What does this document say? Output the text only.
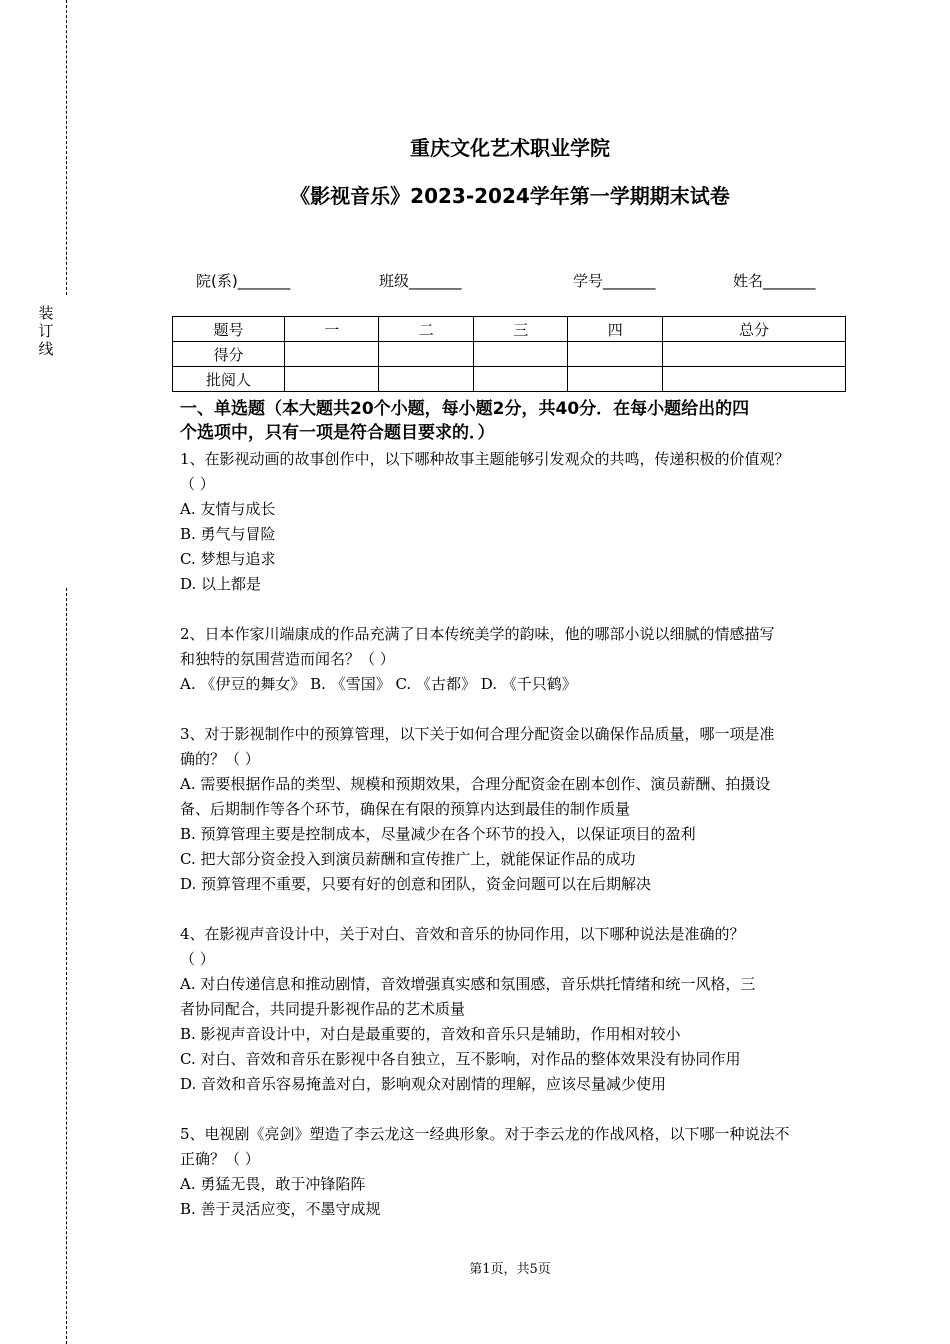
装订线
重庆文化艺术职业学院
《影视音乐》2023-2024学年第一学期期末试卷
院(系)_______	班级_______	学号_______	姓名_______
题号	一	二	三	四	总分
得分					
批阅人					
一、单选题（本大题共20个小题，每小题2分，共40分．在每小题给出的四
个选项中，只有一项是符合题目要求的．）

1、在影视动画的故事创作中，以下哪种故事主题能够引发观众的共鸣，传递积极的价值观？

（ ）

A. 友情与成长

B. 勇气与冒险

C. 梦想与追求

D. 以上都是

2、日本作家川端康成的作品充满了日本传统美学的韵味，他的哪部小说以细腻的情感描写

和独特的氛围营造而闻名？（ ）

A. 《伊豆的舞女》 B. 《雪国》 C. 《古都》 D. 《千只鹤》

3、对于影视制作中的预算管理，以下关于如何合理分配资金以确保作品质量，哪一项是准

确的？（ ）

A. 需要根据作品的类型、规模和预期效果，合理分配资金在剧本创作、演员薪酬、拍摄设

备、后期制作等各个环节，确保在有限的预算内达到最佳的制作质量

B. 预算管理主要是控制成本，尽量减少在各个环节的投入，以保证项目的盈利

C. 把大部分资金投入到演员薪酬和宣传推广上，就能保证作品的成功

D. 预算管理不重要，只要有好的创意和团队，资金问题可以在后期解决

4、在影视声音设计中，关于对白、音效和音乐的协同作用，以下哪种说法是准确的？

（ ）

A. 对白传递信息和推动剧情，音效增强真实感和氛围感，音乐烘托情绪和统一风格，三

者协同配合，共同提升影视作品的艺术质量

B. 影视声音设计中，对白是最重要的，音效和音乐只是辅助，作用相对较小

C. 对白、音效和音乐在影视中各自独立，互不影响，对作品的整体效果没有协同作用

D. 音效和音乐容易掩盖对白，影响观众对剧情的理解，应该尽量减少使用

5、电视剧《亮剑》塑造了李云龙这一经典形象。对于李云龙的作战风格，以下哪一种说法不

正确？（ ）

A. 勇猛无畏，敢于冲锋陷阵

B. 善于灵活应变，不墨守成规

第1页，共5页
